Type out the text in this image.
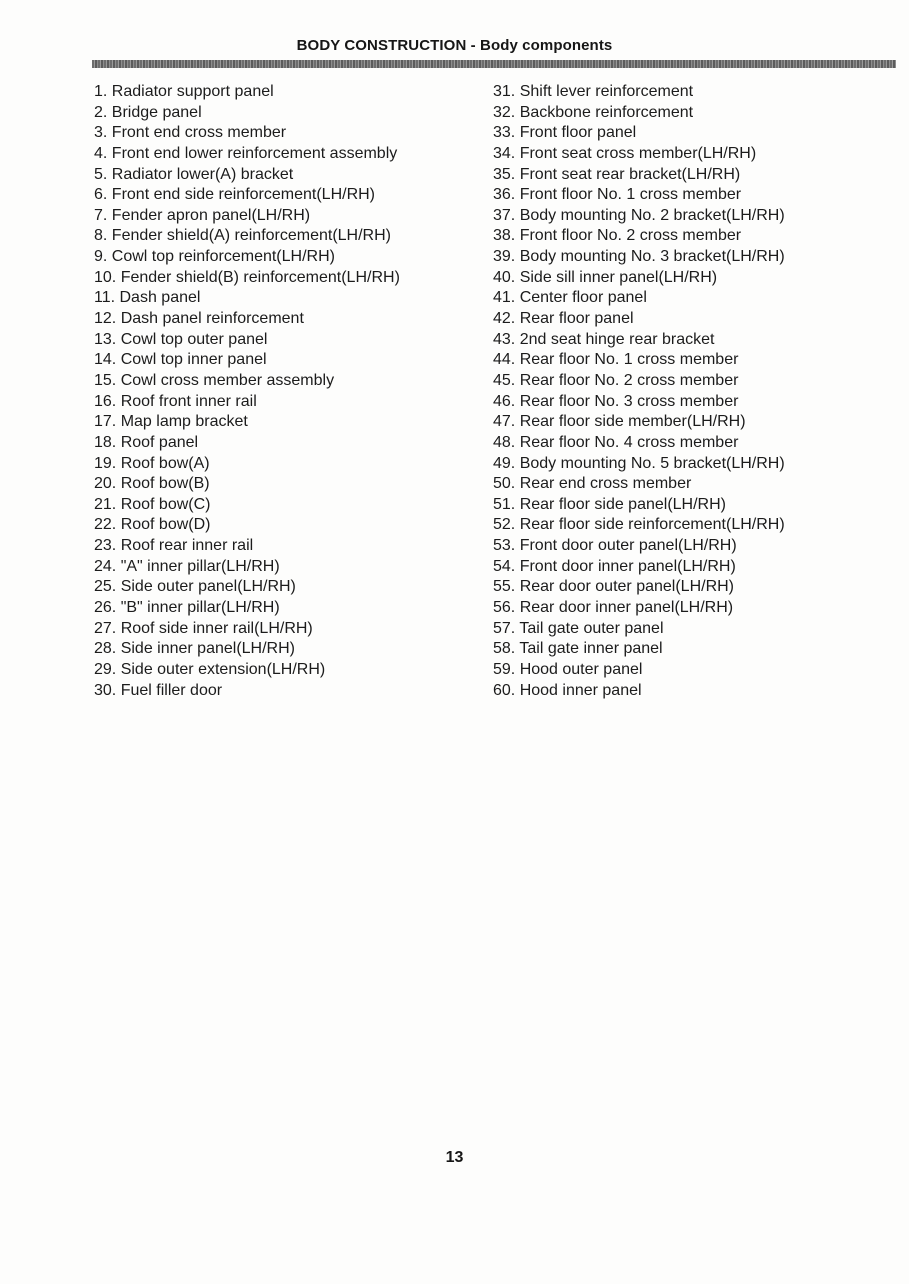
BODY CONSTRUCTION - Body components
1. Radiator support panel
2. Bridge panel
3. Front end cross member
4. Front end lower reinforcement assembly
5. Radiator lower(A) bracket
6. Front end side reinforcement(LH/RH)
7. Fender apron panel(LH/RH)
8. Fender shield(A) reinforcement(LH/RH)
9. Cowl top reinforcement(LH/RH)
10. Fender shield(B) reinforcement(LH/RH)
11. Dash panel
12. Dash panel reinforcement
13. Cowl top outer panel
14. Cowl top inner panel
15. Cowl cross member assembly
16. Roof front inner rail
17. Map lamp bracket
18. Roof panel
19. Roof bow(A)
20. Roof bow(B)
21. Roof bow(C)
22. Roof bow(D)
23. Roof rear inner rail
24. "A" inner pillar(LH/RH)
25. Side outer panel(LH/RH)
26. "B" inner pillar(LH/RH)
27. Roof side inner rail(LH/RH)
28. Side inner panel(LH/RH)
29. Side outer extension(LH/RH)
30. Fuel filler door
31. Shift lever reinforcement
32. Backbone reinforcement
33. Front floor panel
34. Front seat cross member(LH/RH)
35. Front seat rear bracket(LH/RH)
36. Front floor No. 1 cross member
37. Body mounting No. 2 bracket(LH/RH)
38. Front floor No. 2 cross member
39. Body mounting No. 3 bracket(LH/RH)
40. Side sill inner panel(LH/RH)
41. Center floor panel
42. Rear floor panel
43. 2nd seat hinge rear bracket
44. Rear floor No. 1 cross member
45. Rear floor No. 2 cross member
46. Rear floor No. 3 cross member
47. Rear floor side member(LH/RH)
48. Rear floor No. 4 cross member
49. Body mounting No. 5 bracket(LH/RH)
50. Rear end cross member
51. Rear floor side panel(LH/RH)
52. Rear floor side reinforcement(LH/RH)
53. Front door outer panel(LH/RH)
54. Front door inner panel(LH/RH)
55. Rear door outer panel(LH/RH)
56. Rear door inner panel(LH/RH)
57. Tail gate outer panel
58. Tail gate inner panel
59. Hood outer panel
60. Hood inner panel
13
